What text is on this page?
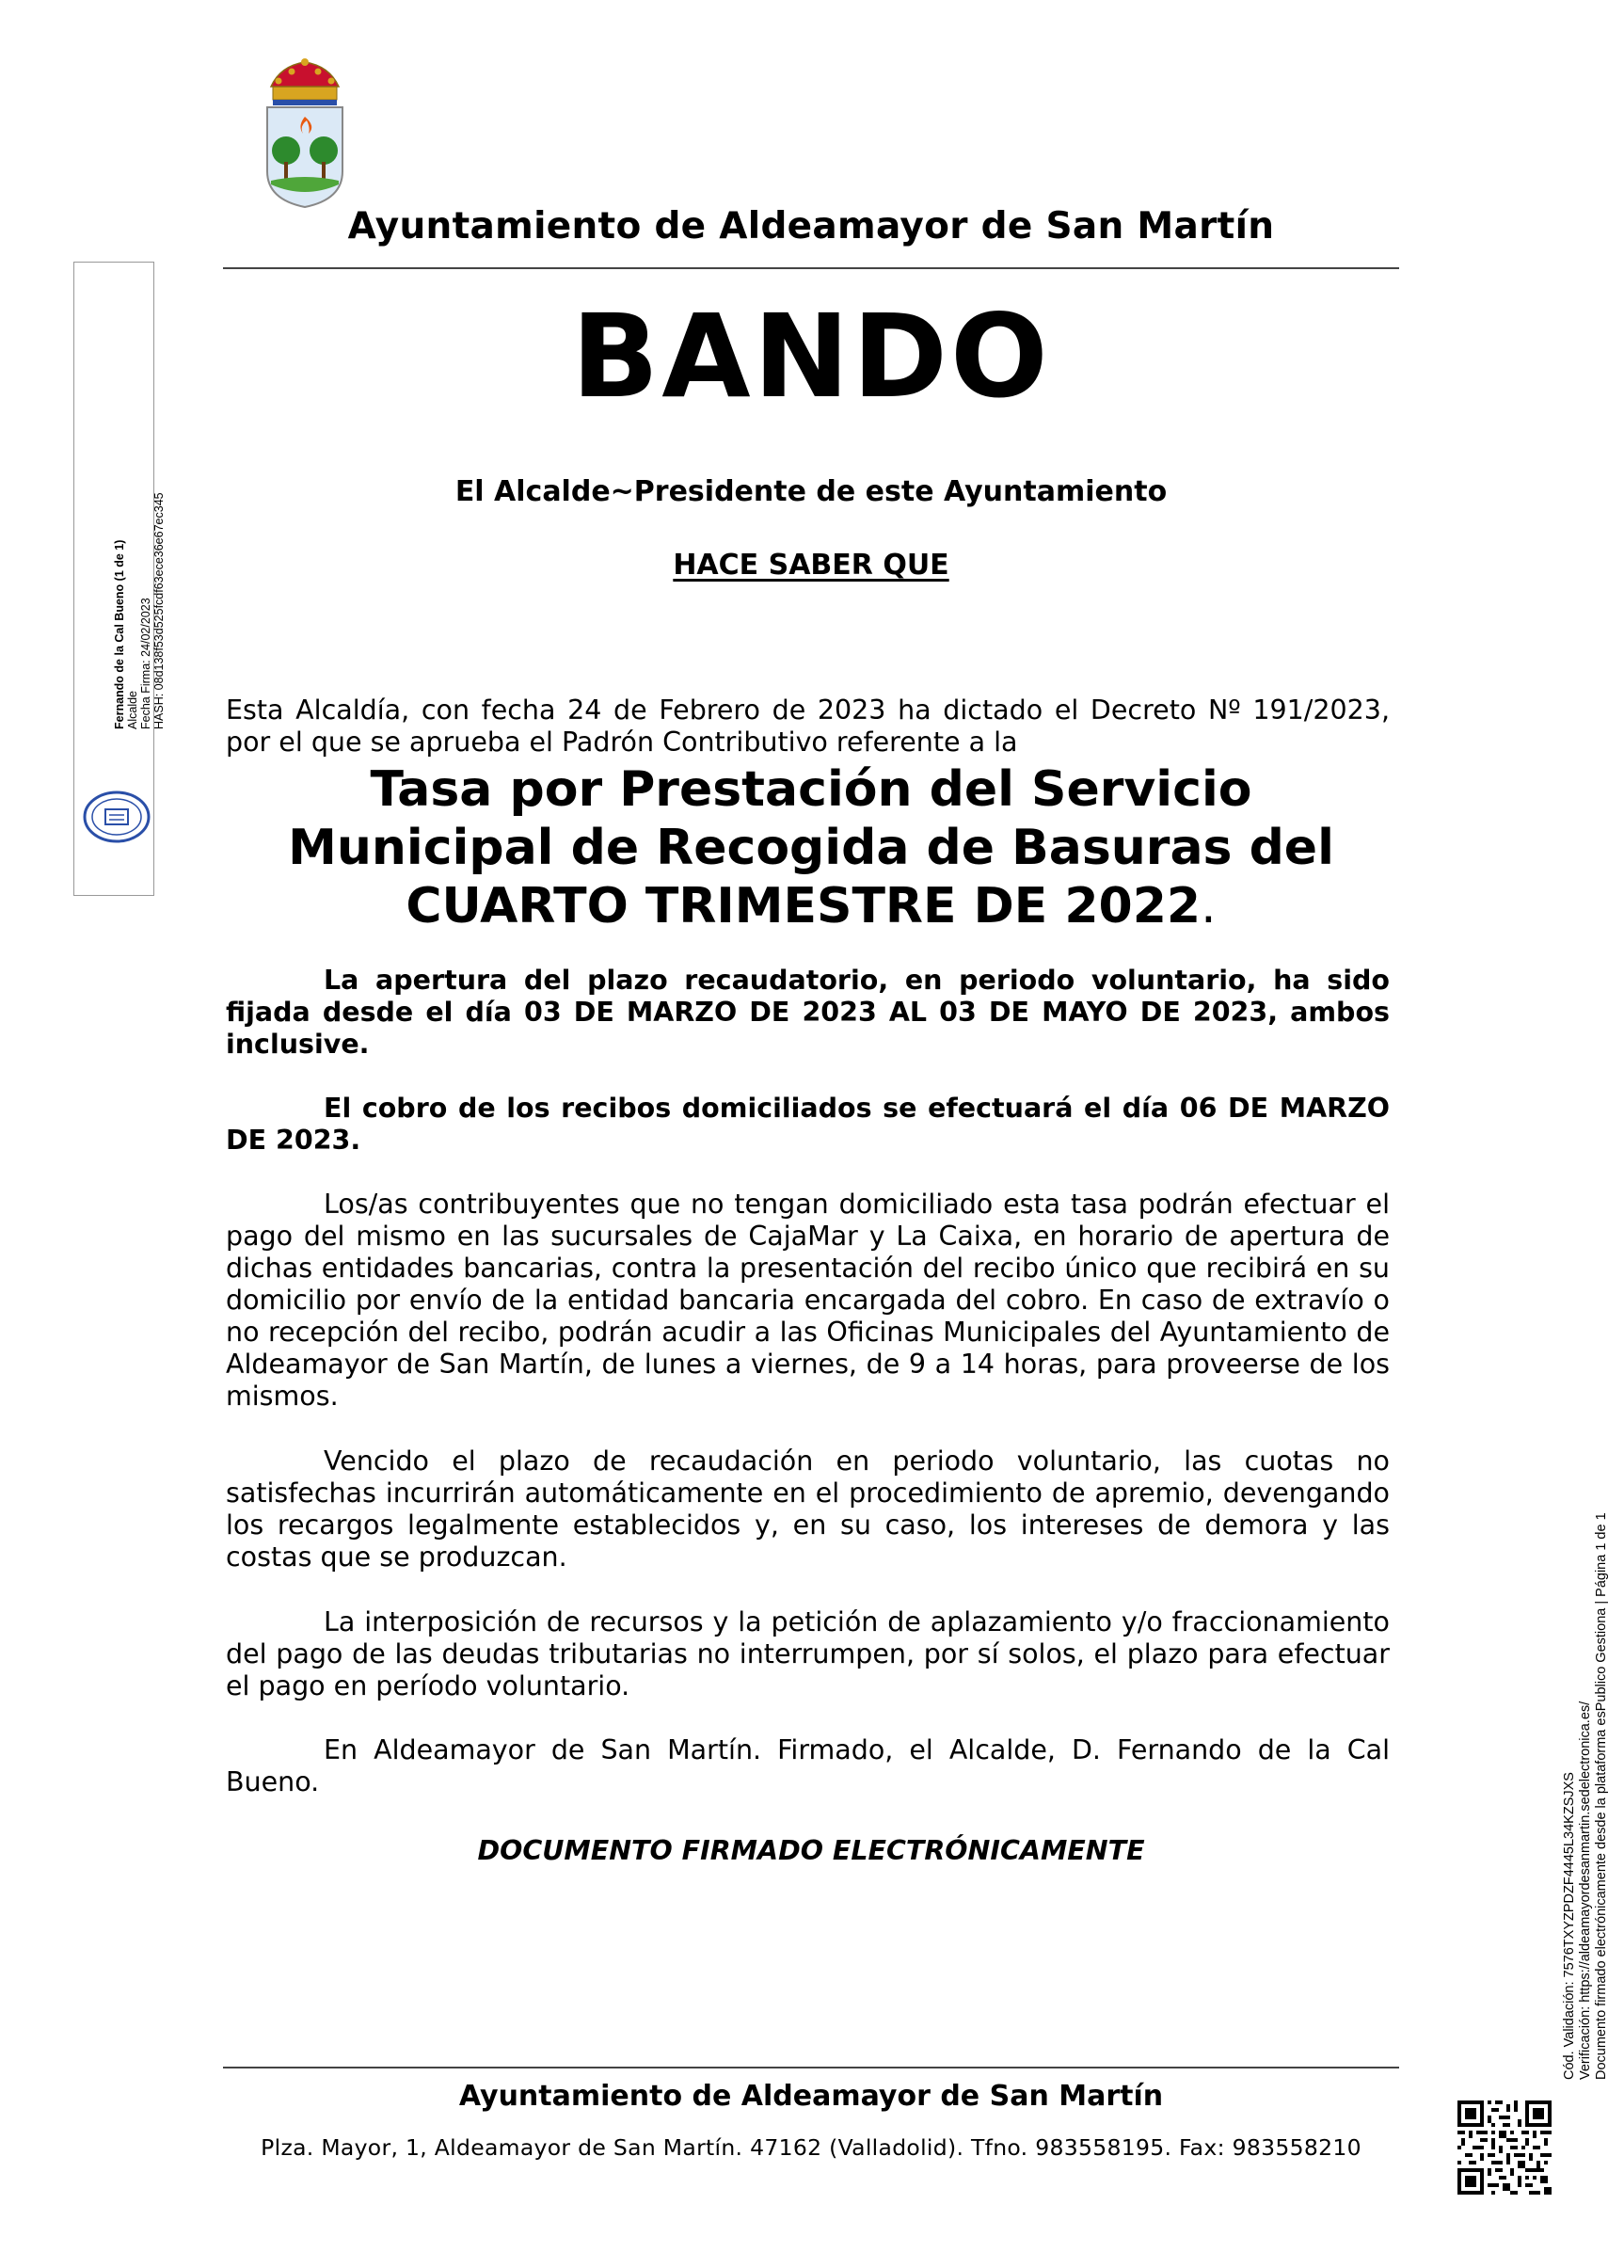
Ayuntamiento de Aldeamayor de San Martín
BANDO
El Alcalde~Presidente de este Ayuntamiento
HACE SABER QUE
Esta Alcaldía, con fecha 24 de Febrero de 2023 ha dictado el Decreto Nº 191/2023, por el que se aprueba el Padrón Contributivo referente a la
Tasa por Prestación del Servicio
Municipal de Recogida de Basuras del
CUARTO TRIMESTRE DE 2022.
La apertura del plazo recaudatorio, en periodo voluntario, ha sido fijada desde el día 03 DE MARZO DE 2023 AL 03 DE MAYO DE 2023, ambos inclusive.
El cobro de los recibos domiciliados se efectuará el día 06 DE MARZO DE 2023.
Los/as contribuyentes que no tengan domiciliado esta tasa podrán efectuar el pago del mismo en las sucursales de CajaMar y La Caixa, en horario de apertura de dichas entidades bancarias, contra la presentación del recibo único que recibirá en su domicilio por envío de la entidad bancaria encargada del cobro. En caso de extravío o no recepción del recibo, podrán acudir a las Oficinas Municipales del Ayuntamiento de Aldeamayor de San Martín, de lunes a viernes, de 9 a 14 horas, para proveerse de los mismos.
Vencido el plazo de recaudación en periodo voluntario, las cuotas no satisfechas incurrirán automáticamente en el procedimiento de apremio, devengando los recargos legalmente establecidos y, en su caso, los intereses de demora y las costas que se produzcan.
La interposición de recursos y la petición de aplazamiento y/o fraccionamiento del pago de las deudas tributarias no interrumpen, por sí solos, el plazo para efectuar el pago en período voluntario.
En Aldeamayor de San Martín. Firmado, el Alcalde, D. Fernando de la Cal Bueno.
DOCUMENTO FIRMADO ELECTRÓNICAMENTE
Ayuntamiento de Aldeamayor de San Martín
Plza. Mayor, 1, Aldeamayor de San Martín. 47162 (Valladolid). Tfno. 983558195. Fax: 983558210
Fernando de la Cal Bueno (1 de 1) Alcalde Fecha Firma: 24/02/2023 HASH: 08d138f53d525fcdf63ece36e67ec345
Cód. Validación: 7576TXYZPDZF4445L34KZSJXS Verificación: https://aldeamayordesanmartin.sedelectronica.es/ Documento firmado electrónicamente desde la plataforma esPublico Gestiona | Página 1 de 1
